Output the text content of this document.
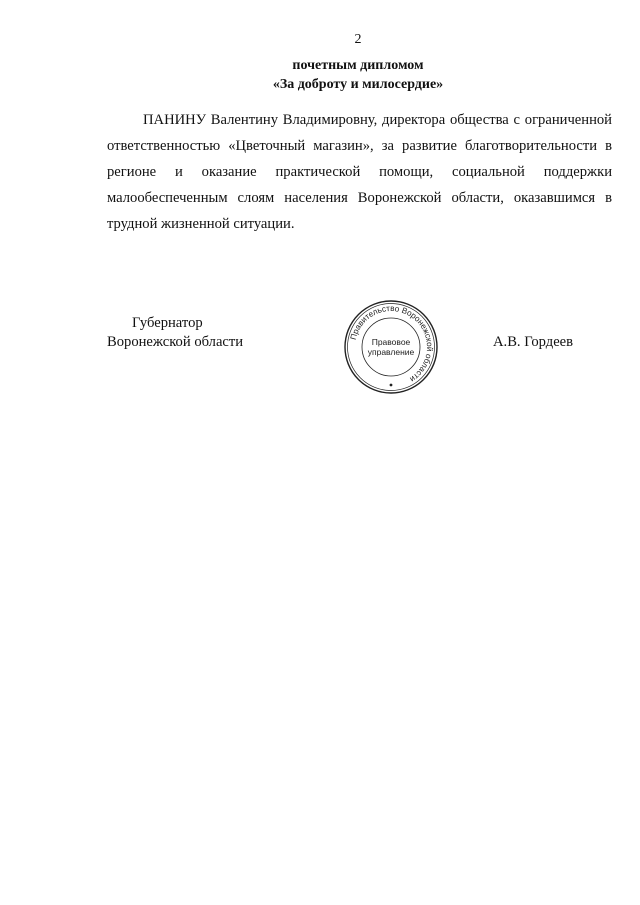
2
почетным дипломом
«За доброту и милосердие»

ПАНИНУ Валентину Владимировну, директора общества с ограниченной ответственностью «Цветочный магазин», за развитие благотворительности в регионе и оказание практической помощи, социальной поддержки малообеспеченным слоям населения Воронежской области, оказавшимся в трудной жизненной ситуации.

Губернатор
Воронежской области	Правительство Воронежской области
Правовое
управление
А.В. Гордеев
